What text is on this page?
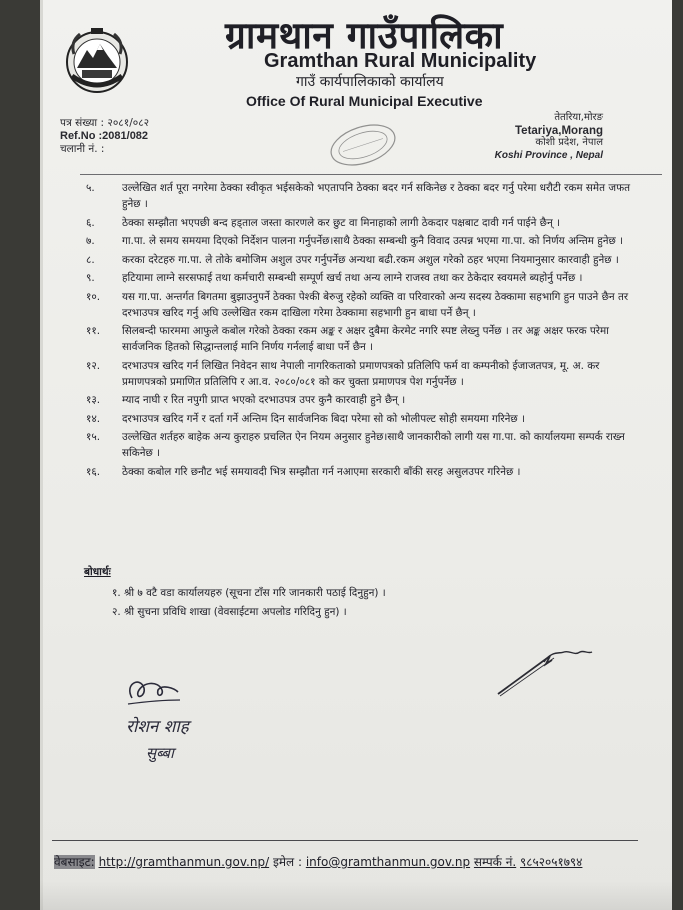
ग्रामथान गाउँपालिका
Gramthan Rural Municipality
गाउँ कार्यपालिकाको कार्यालय
Office Of Rural Municipal Executive
पत्र संख्या : २०८१/०८२
Ref.No :2081/082
चलानी नं. :
तेतरिया,मोरङ
Tetariya,Morang
कोशी प्रदेश, नेपाल
Koshi Province , Nepal
५.	उल्लेखित शर्त पूरा नगरेमा ठेक्का स्वीकृत भईसकेको भएतापनि ठेक्का बदर गर्न सकिनेछ र ठेक्का बदर गर्नु परेमा धरौटी रकम समेत जफत हुनेछ ।
६.	ठेक्का सम्झौता भएपछी बन्द हड्ताल जस्ता कारणले कर छुट वा मिनाहाको लागी ठेकदार पक्षबाट दावी गर्न पाईने छैन् ।
७.	गा.पा. ले समय समयमा दिएको निर्देशन पालना गर्नुपर्नेछ।साथै ठेक्का सम्बन्धी कुनै विवाद उत्पन्न भएमा गा.पा. को निर्णय अन्तिम हुनेछ ।
८.	करका दरेटहरु गा.पा. ले तोके बमोजिम अशुल उपर गर्नुपर्नेछ अन्यथा बढी.रकम अशुल गरेको ठहर भएमा नियमानुसार कारवाही हुनेछ ।
९.	हटियामा लाग्ने सरसफाई तथा कर्मचारी सम्बन्धी सम्पूर्ण खर्च तथा अन्य लाग्ने राजस्व तथा कर ठेकेदार स्वयमले ब्यहोर्नु पर्नेछ ।
१०.	यस गा.पा. अन्तर्गत बिगतमा बुझाउनुपर्ने ठेक्का पेश्की बेरुजु रहेको व्यक्ति वा परिवारको अन्य सदस्य ठेक्कामा सहभागि हुन पाउने छैन तर दरभाउपत्र खरिद गर्नु अघि उल्लेखित रकम दाखिला गरेमा ठेक्कामा सहभागी हुन बाधा पर्ने छैन् ।
११.	सिलबन्दी फारममा आफुले कबोल गरेको ठेक्का रकम अङ्क र अक्षर दुबैमा केरमेट नगरि स्पष्ट लेख्नु पर्नेछ । तर अङ्क अक्षर फरक परेमा सार्वजनिक हितको सिद्धान्तलाई मानि निर्णय गर्नलाई बाधा पर्ने छैन ।
१२.	दरभाउपत्र खरिद गर्न लिखित निवेदन साथ नेपाली नागरिकताको प्रमाणपत्रको प्रतिलिपि फर्म वा कम्पनीको ईजाजतपत्र, मू. अ. कर प्रमाणपत्रको प्रमाणित प्रतिलिपि र आ.व. २०८०/०८१ को कर चुक्ता प्रमाणपत्र पेश गर्नुपर्नेछ ।
१३.	म्याद नाघी र रित नपुगी प्राप्त भएको दरभाउपत्र उपर कुनै कारवाही हुने छैन् ।
१४.	दरभाउपत्र खरिद गर्ने र दर्ता गर्ने अन्तिम दिन सार्वजनिक बिदा परेमा सो को भोलीपल्ट सोही समयमा गरिनेछ ।
१५.	उल्लेखित शर्तहरु बाहेक अन्य कुराहरु प्रचलित ऐन नियम अनुसार हुनेछ।साथै जानकारीको लागी यस गा.पा. को कार्यालयमा सम्पर्क राख्न सकिनेछ ।
१६.	ठेक्का कबोल गरि छनौट भई समयावदी भित्र सम्झौता गर्न नआएमा सरकारी बाँकी सरह असुलउपर गरिनेछ ।
बोधार्थः
१. श्री ७ वटै वडा कार्यालयहरु (सूचना टाँस गरि जानकारी पठाई दिनुहुन) ।
२. श्री सुचना प्रविधि शाखा (वेवसाईटमा अपलोड गरिदिनु हुन) ।
रोशन शाह
सुब्बा
वेबसाइट: http://gramthanmun.gov.np/ इमेल : info@gramthanmun.gov.np सम्पर्क नं. ९८५२०५१७९४
